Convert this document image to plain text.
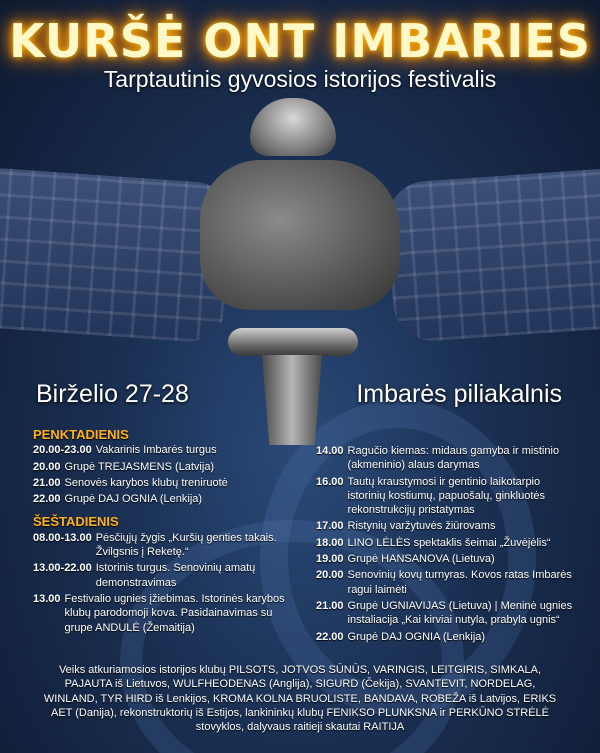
KURŠĖ ONT IMBARIES
Tarptautinis gyvosios istorijos festivalis
Birželio 27-28	Imbarės piliakalnis
PENKTADIENIS
20.00-23.00 Vakarinis Imbarės turgus
20.00 Grupė TREJASMENS (Latvija)
21.00 Senovės karybos klubų treniruotė
22.00 Grupė DAJ OGNIA (Lenkija)
ŠEŠTADIENIS
08.00-13.00 Pėsčiųjų žygis „Kuršių genties takais. Žvilgsnis į Reketę.“
13.00-22.00 Istorinis turgus. Senovinių amatų demonstravimas
13.00 Festivalio ugnies įžiebimas. Istorinės karybos klubų parodomoji kova. Pasidainavimas su grupe ANDULĖ (Žemaitija)
14.00 Ragučio kiemas: midaus gamyba ir mistinio (akmeninio) alaus darymas
16.00 Tautų kraustymosi ir gentinio laikotarpio istorinių kostiumų, papuošalų, ginkluotės rekonstrukcijų pristatymas
17.00 Ristynių varžytuvės žiūrovams
18.00 LINO LĖLĖS spektaklis šeimai „Žuvėjėlis“
19.00 Grupė HANSANOVA (Lietuva)
20.00 Senovinių kovų turnyras. Kovos ratas Imbarės ragui laimėti
21.00 Grupė UGNIAVIJAS (Lietuva) | Meninė ugnies instaliacija „Kai kirviai nutyla, prabyla ugnis“
22.00 Grupė DAJ OGNIA (Lenkija)
Veiks atkuriamosios istorijos klubų PILSOTS, JOTVOS SŪNŪS, VARINGIS, LEITGIRIS, SIMKALA, PAJAUTA iš Lietuvos, WULFHEODENAS (Anglija), SIGURD (Čekija), SVANTEVIT, NORDELAG, WINLAND, TYR HIRD iš Lenkijos, KROMA KOLNA BRUOLISTE, BANDAVA, ROBEŽA iš Latvijos, ERIKS AET (Danija), rekonstruktorių iš Estijos, lankininkų klubų FENIKSO PLUNKSNA ir PERKŪNO STRĖLĖ stovyklos, dalyvaus raitieji skautai RAITIJA
